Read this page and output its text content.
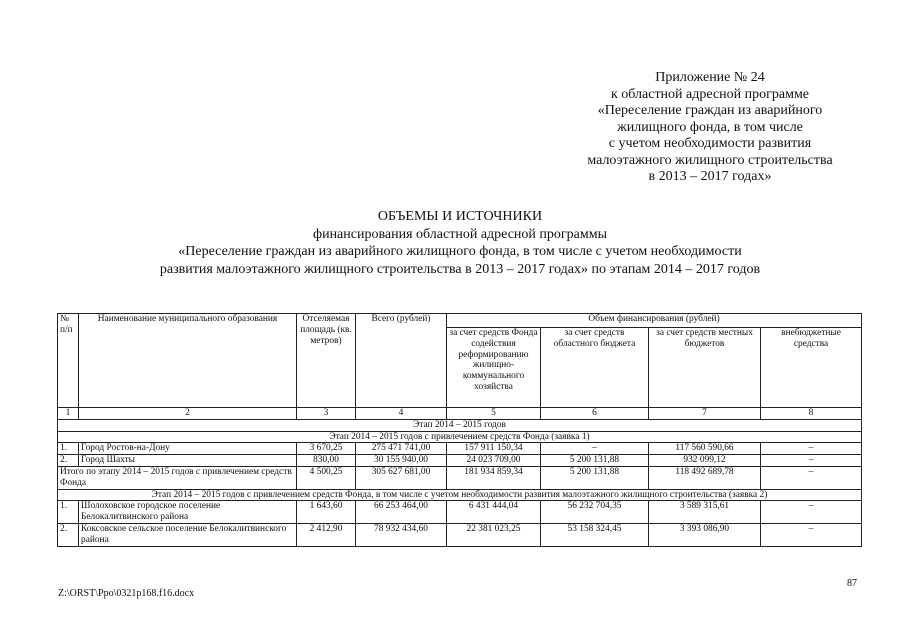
Приложение № 24
к областной адресной программе
«Переселение граждан из аварийного
жилищного фонда, в том числе
с учетом необходимости развития
малоэтажного жилищного строительства
в 2013 – 2017 годах»
ОБЪЕМЫ И ИСТОЧНИКИ
финансирования областной адресной программы
«Переселение граждан из аварийного жилищного фонда, в том числе с учетом необходимости
развития малоэтажного жилищного строительства в 2013 – 2017 годах» по этапам 2014 – 2017 годов
№ п/п	Наименование муниципального образования	Отселяемая площадь (кв. метров)	Всего (рублей)	Объем финансирования (рублей)			
				за счет средств Фонда содействия реформированию жилищно-коммунального хозяйства	за счет средств областного бюджета	за счет средств местных бюджетов	внебюджетные средства
1	2	3	4	5	6	7	8
Этап 2014 – 2015 годов							
Этап 2014 – 2015 годов с привлечением средств Фонда (заявка 1)							
1.	Город Ростов-на-Дону	3 670,25	275 471 741,00	157 911 150,34	–	117 560 590,66	–
2.	Город Шахты	830,00	30 155 940,00	24 023 709,00	5 200 131,88	932 099,12	–
Итого по этапу 2014 – 2015 годов с привлечением средств Фонда		4 500,25	305 627 681,00	181 934 859,34	5 200 131,88	118 492 689,78	–
Этап 2014 – 2015 годов с привлечением средств Фонда, в том числе с учетом необходимости развития малоэтажного жилищного строительства (заявка 2)							
1.	Шолоховское городское поселение Белокалитвинского района	1 643,60	66 253 464,00	6 431 444,04	56 232 704,35	3 589 315,61	–
2.	Коксовское сельское поселение Белокалитвинского района	2 412,90	78 932 434,60	22 381 023,25	53 158 324,45	3 393 086,90	–
87
Z:\ORST\Ppo\0321p168.f16.docx
